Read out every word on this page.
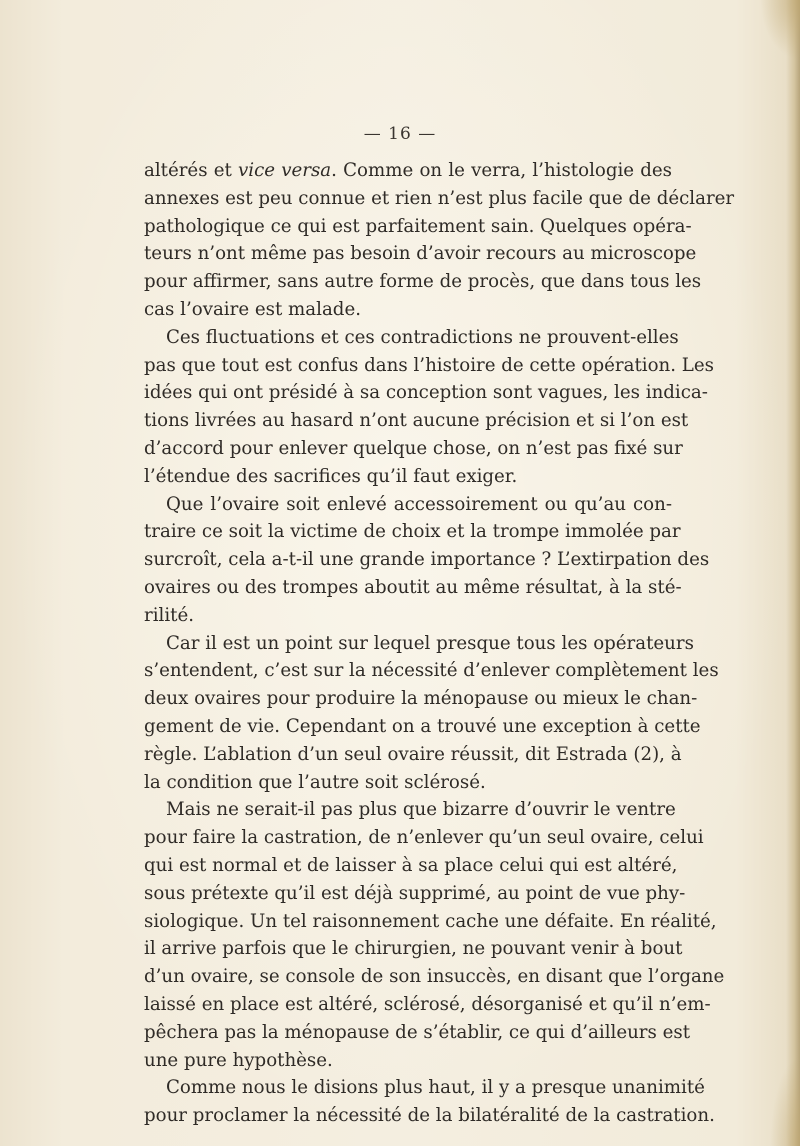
— 16 —
altérés et vice versa. Comme on le verra, l’histologie des
annexes est peu connue et rien n’est plus facile que de déclarer
pathologique ce qui est parfaitement sain. Quelques opéra-
teurs n’ont même pas besoin d’avoir recours au microscope
pour affirmer, sans autre forme de procès, que dans tous les
cas l’ovaire est malade.
Ces fluctuations et ces contradictions ne prouvent-elles
pas que tout est confus dans l’histoire de cette opération. Les
idées qui ont présidé à sa conception sont vagues, les indica-
tions livrées au hasard n’ont aucune précision et si l’on est
d’accord pour enlever quelque chose, on n’est pas fixé sur
l’étendue des sacrifices qu’il faut exiger.
Que l’ovaire soit enlevé accessoirement ou qu’au con-
traire ce soit la victime de choix et la trompe immolée par
surcroît, cela a-t-il une grande importance ? L’extirpation des
ovaires ou des trompes aboutit au même résultat, à la sté-
rilité.
Car il est un point sur lequel presque tous les opérateurs
s’entendent, c’est sur la nécessité d’enlever complètement les
deux ovaires pour produire la ménopause ou mieux le chan-
gement de vie. Cependant on a trouvé une exception à cette
règle. L’ablation d’un seul ovaire réussit, dit Estrada (2), à
la condition que l’autre soit sclérosé.
Mais ne serait-il pas plus que bizarre d’ouvrir le ventre
pour faire la castration, de n’enlever qu’un seul ovaire, celui
qui est normal et de laisser à sa place celui qui est altéré,
sous prétexte qu’il est déjà supprimé, au point de vue phy-
siologique. Un tel raisonnement cache une défaite. En réalité,
il arrive parfois que le chirurgien, ne pouvant venir à bout
d’un ovaire, se console de son insuccès, en disant que l’organe
laissé en place est altéré, sclérosé, désorganisé et qu’il n’em-
pêchera pas la ménopause de s’établir, ce qui d’ailleurs est
une pure hypothèse.
Comme nous le disions plus haut, il y a presque unanimité
pour proclamer la nécessité de la bilatéralité de la castration.
